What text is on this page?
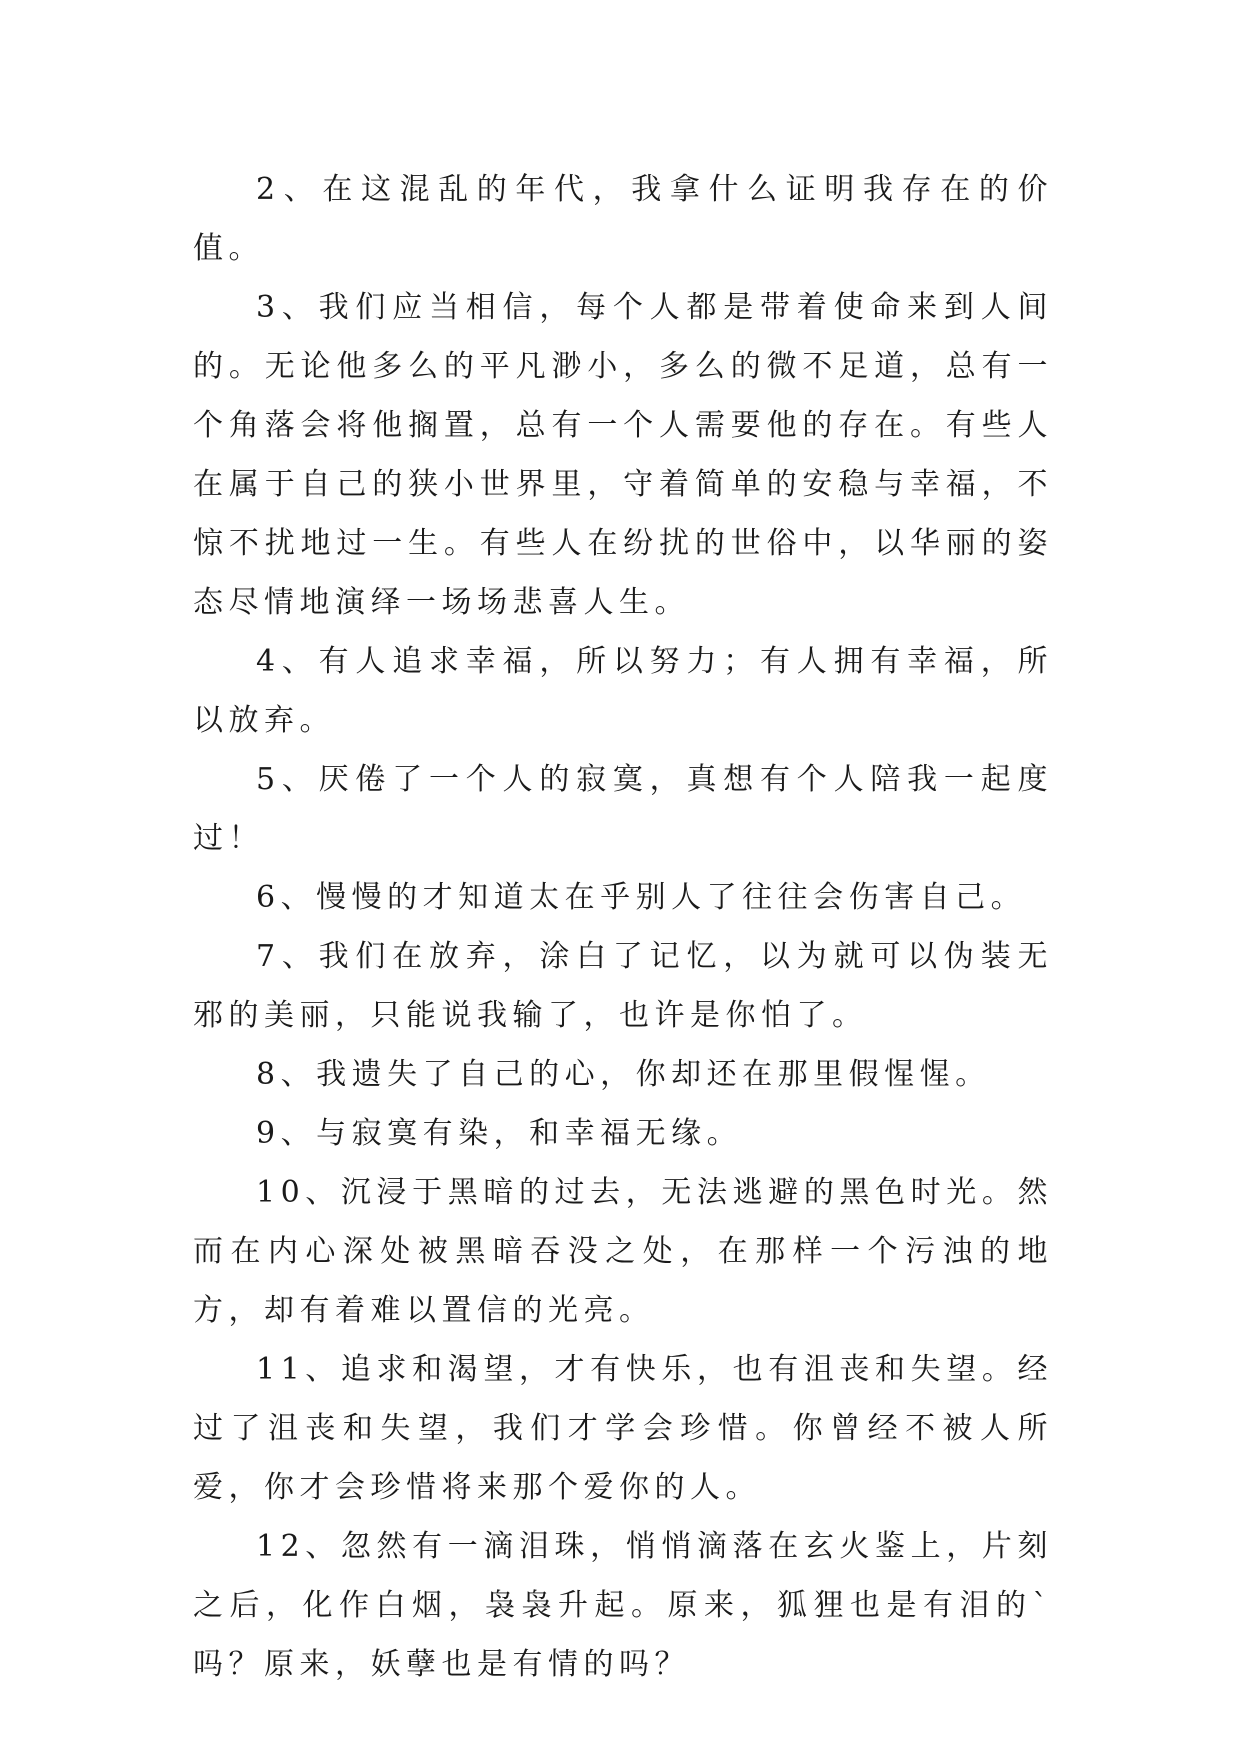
2、在这混乱的年代，我拿什么证明我存在的价值。

3、我们应当相信，每个人都是带着使命来到人间的。无论他多么的平凡渺小，多么的微不足道，总有一个角落会将他搁置，总有一个人需要他的存在。有些人在属于自己的狭小世界里，守着简单的安稳与幸福，不惊不扰地过一生。有些人在纷扰的世俗中，以华丽的姿态尽情地演绎一场场悲喜人生。

4、有人追求幸福，所以努力；有人拥有幸福，所以放弃。

5、厌倦了一个人的寂寞，真想有个人陪我一起度过！

6、慢慢的才知道太在乎别人了往往会伤害自己。

7、我们在放弃，涂白了记忆，以为就可以伪装无邪的美丽，只能说我输了，也许是你怕了。

8、我遗失了自己的心，你却还在那里假惺惺。

9、与寂寞有染，和幸福无缘。

10、沉浸于黑暗的过去，无法逃避的黑色时光。然而在内心深处被黑暗吞没之处，在那样一个污浊的地方，却有着难以置信的光亮。

11、追求和渴望，才有快乐，也有沮丧和失望。经过了沮丧和失望，我们才学会珍惜。你曾经不被人所爱，你才会珍惜将来那个爱你的人。

12、忽然有一滴泪珠，悄悄滴落在玄火鉴上，片刻之后，化作白烟，袅袅升起。原来，狐狸也是有泪的`吗？原来，妖孽也是有情的吗？
